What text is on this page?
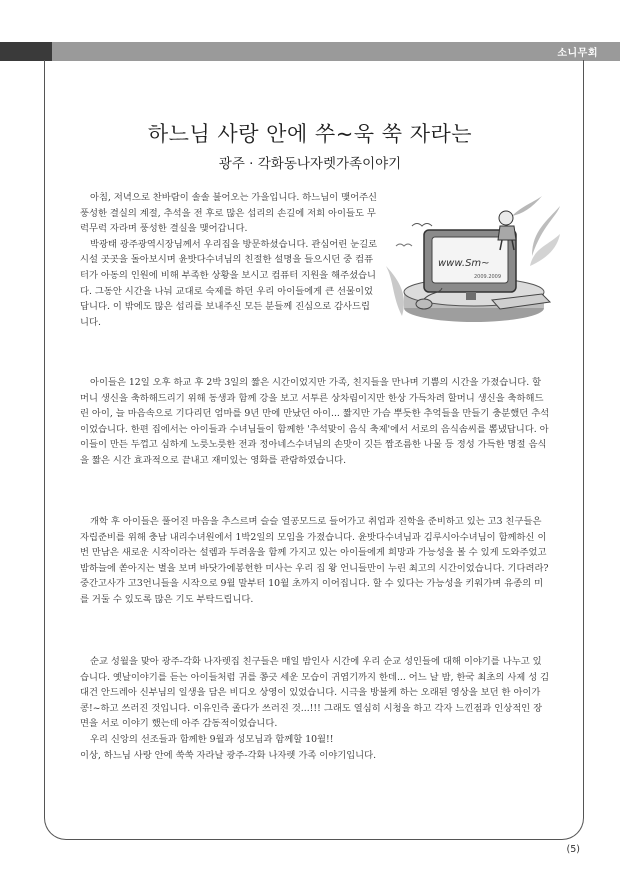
소니무회
하느님 사랑 안에 쑤~욱 쑥 자라는
광주 · 각화동나자렛가족이야기

아침, 저녁으로 찬바람이 솔솔 불어오는 가을입니다. 하느님이 맺어주신 풍성한 결실의 계절, 추석을 전 후로 많은 섭리의 손길에 저희 아이들도 무럭무럭 자라며 풍성한 결실을 맺어갑니다.

박광태 광주광역시장님께서 우리집을 방문하셨습니다. 관심어린 눈길로 시설 곳곳을 돌아보시며 윤밧다수녀님의 친절한 설명을 들으시던 중 컴퓨터가 아동의 인원에 비해 부족한 상황을 보시고 컴퓨터 지원을 해주셨습니다. 그동안 시간을 나눠 교대로 숙제를 하던 우리 아이들에게 큰 선물이었답니다. 이 밖에도 많은 섭리를 보내주신 모든 분들께 진심으로 감사드립니다.

www.Sm~
2009.2009

아이들은 12일 오후 하교 후 2박 3일의 짧은 시간이었지만 가족, 친지들을 만나며 기쁨의 시간을 가졌습니다. 할머니 생신을 축하해드리기 위해 동생과 함께 강을 보고 서투른 상차림이지만 한상 가득차려 할머니 생신을 축하해드린 아이, 늘 마음속으로 기다리던 엄마를 9년 만에 만났던 아이... 짧지만 가슴 뿌듯한 추억들을 만들기 충분했던 추석이었습니다. 한편 집에서는 아이들과 수녀님들이 함께한 '추석맞이 음식 축제'에서 서로의 음식솜씨를 뽐냈답니다. 아이들이 만든 두껍고 심하게 노릇노릇한 전과 정아네스수녀님의 손맛이 깃든 짭조름한 나물 등 정성 가득한 명절 음식을 짧은 시간 효과적으로 끝내고 재미있는 영화를 관람하였습니다.

개학 후 아이들은 풀어진 마음을 추스르며 슬슬 열공모드로 들어가고 취업과 진학을 준비하고 있는 고3 친구들은 자립준비를 위해 충남 내리수녀원에서 1박2일의 모임을 가졌습니다. 윤밧다수녀님과 김루시아수녀님이 함께하신 이번 만남은 새로운 시작이라는 설렘과 두려움을 함께 가지고 있는 아이들에게 희망과 가능성을 볼 수 있게 도와주었고 밤하늘에 쏟아지는 별을 보며 바닷가에봉헌한 미사는 우리 집 왕 언니들만이 누린 최고의 시간이었습니다. 기다려라? 중간고사가 고3언니들을 시작으로 9월 말부터 10월 초까지 이어집니다. 할 수 있다는 가능성을 키워가며 유종의 미를 거둘 수 있도록 많은 기도 부탁드립니다.

순교 성월을 맞아 광주-각화 나자렛집 친구들은 매일 밤인사 시간에 우리 순교 성인들에 대해 이야기를 나누고 있습니다. 옛날이야기를 듣는 아이들처럼 귀를 쫑긋 세운 모습이 귀엽기까지 한데... 어느 날 밤, 한국 최초의 사제 성 김대건 안드레아 신부님의 일생을 담은 비디오 상영이 있었습니다. 시극을 방불케 하는 오래된 영상을 보던 한 아이가 콩!~하고 쓰러진 것입니다. 이유인즉 졸다가 쓰러진 것...!!! 그래도 열심히 시청을 하고 각자 느낀점과 인상적인 장면을 서로 이야기 했는데 아주 감동적이었습니다.

우리 신앙의 선조들과 함께한 9월과 성모님과 함께할 10월!!

이상, 하느님 사랑 안에 쑥쑥 자라날 광주-각화 나자렛 가족 이야기입니다.

(5)
